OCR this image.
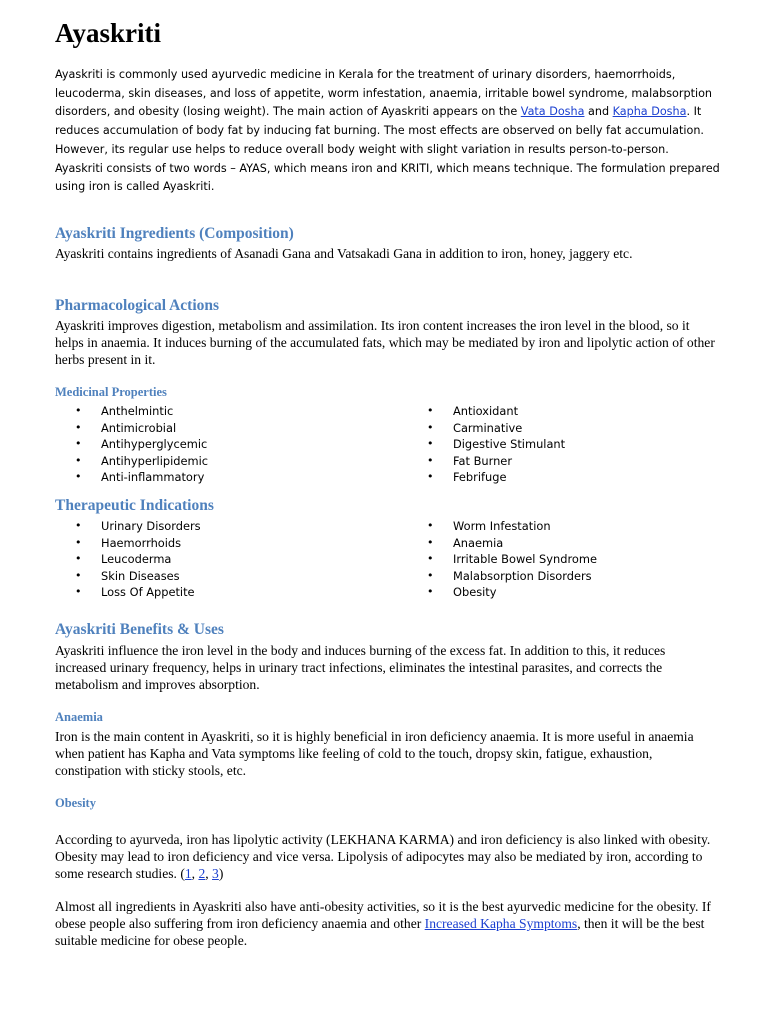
Ayaskriti

Ayaskriti is commonly used ayurvedic medicine in Kerala for the treatment of urinary disorders, haemorrhoids, leucoderma, skin diseases, and loss of appetite, worm infestation, anaemia, irritable bowel syndrome, malabsorption disorders, and obesity (losing weight). The main action of Ayaskriti appears on the Vata Dosha and Kapha Dosha. It reduces accumulation of body fat by inducing fat burning. The most effects are observed on belly fat accumulation. However, its regular use helps to reduce overall body weight with slight variation in results person-to-person.

Ayaskriti consists of two words – AYAS, which means iron and KRITI, which means technique. The formulation prepared using iron is called Ayaskriti.

Ayaskriti Ingredients (Composition)

Ayaskriti contains ingredients of Asanadi Gana and Vatsakadi Gana in addition to iron, honey, jaggery etc.

Pharmacological Actions

Ayaskriti improves digestion, metabolism and assimilation. Its iron content increases the iron level in the blood, so it helps in anaemia. It induces burning of the accumulated fats, which may be mediated by iron and lipolytic action of other herbs present in it.

Medicinal Properties
• Anthelmintic
• Antimicrobial
• Antihyperglycemic
• Antihyperlipidemic
• Anti-inflammatory
• Antioxidant
• Carminative
• Digestive Stimulant
• Fat Burner
• Febrifuge
Therapeutic Indications
• Urinary Disorders
• Haemorrhoids
• Leucoderma
• Skin Diseases
• Loss Of Appetite
• Worm Infestation
• Anaemia
• Irritable Bowel Syndrome
• Malabsorption Disorders
• Obesity
Ayaskriti Benefits & Uses

Ayaskriti influence the iron level in the body and induces burning of the excess fat. In addition to this, it reduces increased urinary frequency, helps in urinary tract infections, eliminates the intestinal parasites, and corrects the metabolism and improves absorption.

Anaemia

Iron is the main content in Ayaskriti, so it is highly beneficial in iron deficiency anaemia. It is more useful in anaemia when patient has Kapha and Vata symptoms like feeling of cold to the touch, dropsy skin, fatigue, exhaustion, constipation with sticky stools, etc.

Obesity

According to ayurveda, iron has lipolytic activity (LEKHANA KARMA) and iron deficiency is also linked with obesity. Obesity may lead to iron deficiency and vice versa. Lipolysis of adipocytes may also be mediated by iron, according to some research studies. (1, 2, 3)

Almost all ingredients in Ayaskriti also have anti-obesity activities, so it is the best ayurvedic medicine for the obesity. If obese people also suffering from iron deficiency anaemia and other Increased Kapha Symptoms, then it will be the best suitable medicine for obese people.
